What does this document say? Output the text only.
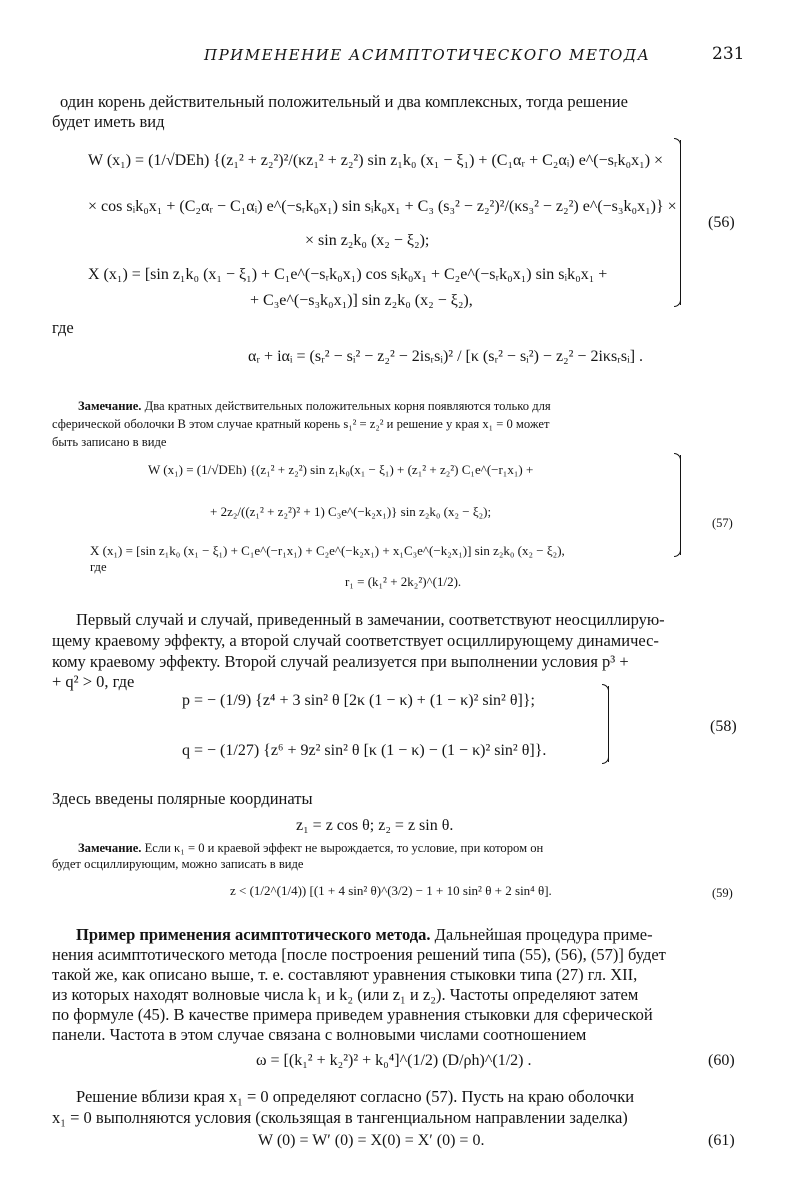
ПРИМЕНЕНИЕ АСИМПТОТИЧЕСКОГО МЕТОДА	231
один корень действительный положительный и два комплексных, тогда решение
будет иметь вид
W (x₁) = (1/√DEh) {(z₁² + z₂²)²/(κz₁² + z₂²) sin z₁k₀ (x₁ − ξ₁) + (C₁αᵣ + C₂αᵢ) e^(−sᵣk₀x₁) ×
× cos sᵢk₀x₁ + (C₂αᵣ − C₁αᵢ) e^(−sᵣk₀x₁) sin sᵢk₀x₁ + C₃ (s₃² − z₂²)²/(κs₃² − z₂²) e^(−s₃k₀x₁)} ×
× sin z₂k₀ (x₂ − ξ₂);
X (x₁) = [sin z₁k₀ (x₁ − ξ₁) + C₁e^(−sᵣk₀x₁) cos sᵢk₀x₁ + C₂e^(−sᵣk₀x₁) sin sᵢk₀x₁ +
+ C₃e^(−s₃k₀x₁)] sin z₂k₀ (x₂ − ξ₂),
(56)
где
αᵣ + iαᵢ = (sᵣ² − sᵢ² − z₂² − 2isᵣsᵢ)² / [κ (sᵣ² − sᵢ²) − z₂² − 2iκsᵣsᵢ] .
Замечание. Два кратных действительных положительных корня появляются только для
сферической оболочки В этом случае кратный корень s₁² = z₂² и решение у края x₁ = 0 может
быть записано в виде
W (x₁) = (1/√DEh) {(z₁² + z₂²) sin z₁k₀(x₁ − ξ₁) + (z₁² + z₂²) C₁e^(−r₁x₁) +
+ 2z₂/((z₁² + z₂²)² + 1) C₃e^(−k₂x₁)} sin z₂k₀ (x₂ − ξ₂);
X (x₁) = [sin z₁k₀ (x₁ − ξ₁) + C₁e^(−r₁x₁) + C₂e^(−k₂x₁) + x₁C₃e^(−k₂x₁)] sin z₂k₀ (x₂ − ξ₂),
где
r₁ = (k₁² + 2k₂²)^(1/2).
(57)
Первый случай и случай, приведенный в замечании, соответствуют неосциллирую-
щему краевому эффекту, а второй случай соответствует осциллирующему динамичес-
кому краевому эффекту. Второй случай реализуется при выполнении условия p³ +
+ q² > 0, где
p = − (1/9) {z⁴ + 3 sin² θ [2κ (1 − κ) + (1 − κ)² sin² θ]};
q = − (1/27) {z⁶ + 9z² sin² θ [κ (1 − κ) − (1 − κ)² sin² θ]}.
(58)
Здесь введены полярные координаты
z₁ = z cos θ; z₂ = z sin θ.
Замечание. Если κ₁ = 0 и краевой эффект не вырождается, то условие, при котором он
будет осциллирующим, можно записать в виде
z < (1/2^(1/4)) [(1 + 4 sin² θ)^(3/2) − 1 + 10 sin² θ + 2 sin⁴ θ].	(59)
Пример применения асимптотического метода. Дальнейшая процедура приме-
нения асимптотического метода [после построения решений типа (55), (56), (57)] будет
такой же, как описано выше, т. е. составляют уравнения стыковки типа (27) гл. XII,
из которых находят волновые числа k₁ и k₂ (или z₁ и z₂). Частоты определяют затем
по формуле (45). В качестве примера приведем уравнения стыковки для сферической
панели. Частота в этом случае связана с волновыми числами соотношением
ω = [(k₁² + k₂²)² + k₀⁴]^(1/2) (D/ρh)^(1/2) .	(60)
Решение вблизи края x₁ = 0 определяют согласно (57). Пусть на краю оболочки
x₁ = 0 выполняются условия (скользящая в тангенциальном направлении заделка)
W (0) = W′ (0) = X(0) = X′ (0) = 0.	(61)
